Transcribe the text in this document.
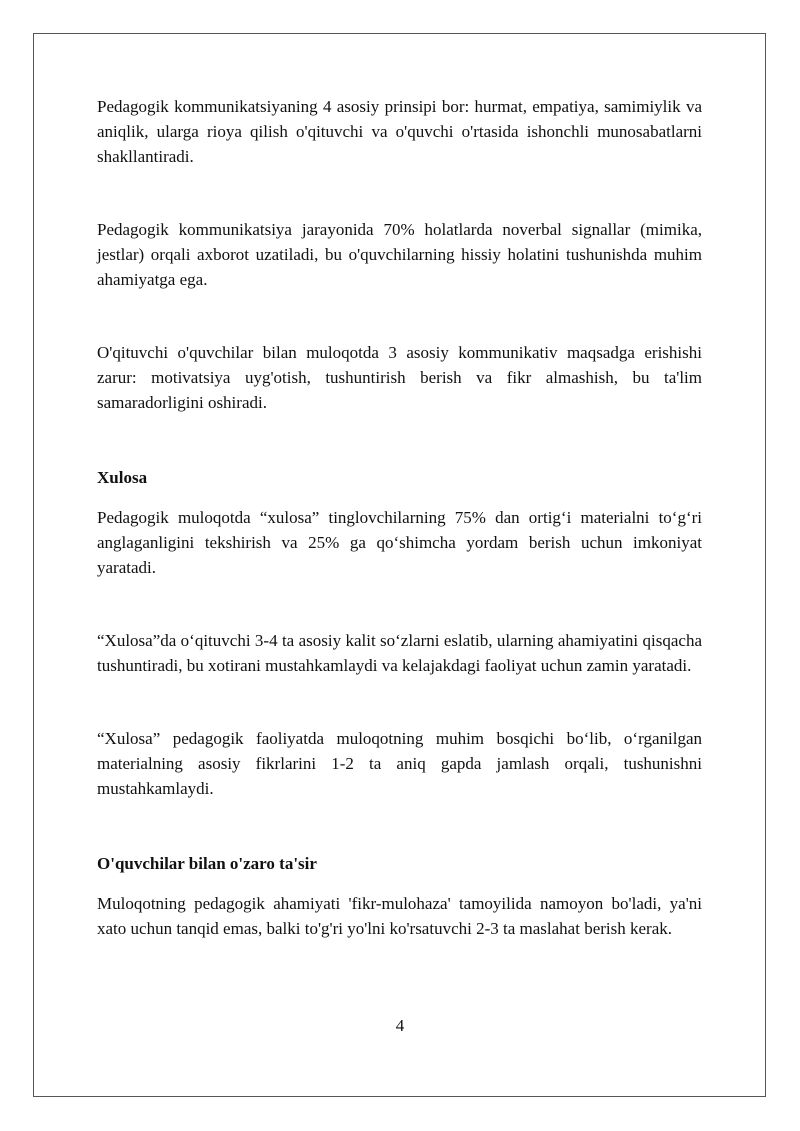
Pedagogik kommunikatsiyaning 4 asosiy prinsipi bor: hurmat, empatiya, samimiylik va aniqlik, ularga rioya qilish o'qituvchi va o'quvchi o'rtasida ishonchli munosabatlarni shakllantiradi.

Pedagogik kommunikatsiya jarayonida 70% holatlarda noverbal signallar (mimika, jestlar) orqali axborot uzatiladi, bu o'quvchilarning hissiy holatini tushunishda muhim ahamiyatga ega.

O'qituvchi o'quvchilar bilan muloqotda 3 asosiy kommunikativ maqsadga erishishi zarur: motivatsiya uyg'otish, tushuntirish berish va fikr almashish, bu ta'lim samaradorligini oshiradi.

Xulosa

Pedagogik muloqotda “xulosa” tinglovchilarning 75% dan ortig‘i materialni to‘g‘ri anglaganligini tekshirish va 25% ga qo‘shimcha yordam berish uchun imkoniyat yaratadi.

“Xulosa”da o‘qituvchi 3-4 ta asosiy kalit so‘zlarni eslatib, ularning ahamiyatini qisqacha tushuntiradi, bu xotirani mustahkamlaydi va kelajakdagi faoliyat uchun zamin yaratadi.

“Xulosa” pedagogik faoliyatda muloqotning muhim bosqichi bo‘lib, o‘rganilgan materialning asosiy fikrlarini 1-2 ta aniq gapda jamlash orqali, tushunishni mustahkamlaydi.

O'quvchilar bilan o'zaro ta'sir

Muloqotning pedagogik ahamiyati 'fikr-mulohaza' tamoyilida namoyon bo'ladi, ya'ni xato uchun tanqid emas, balki to'g'ri yo'lni ko'rsatuvchi 2-3 ta maslahat berish kerak.

4
